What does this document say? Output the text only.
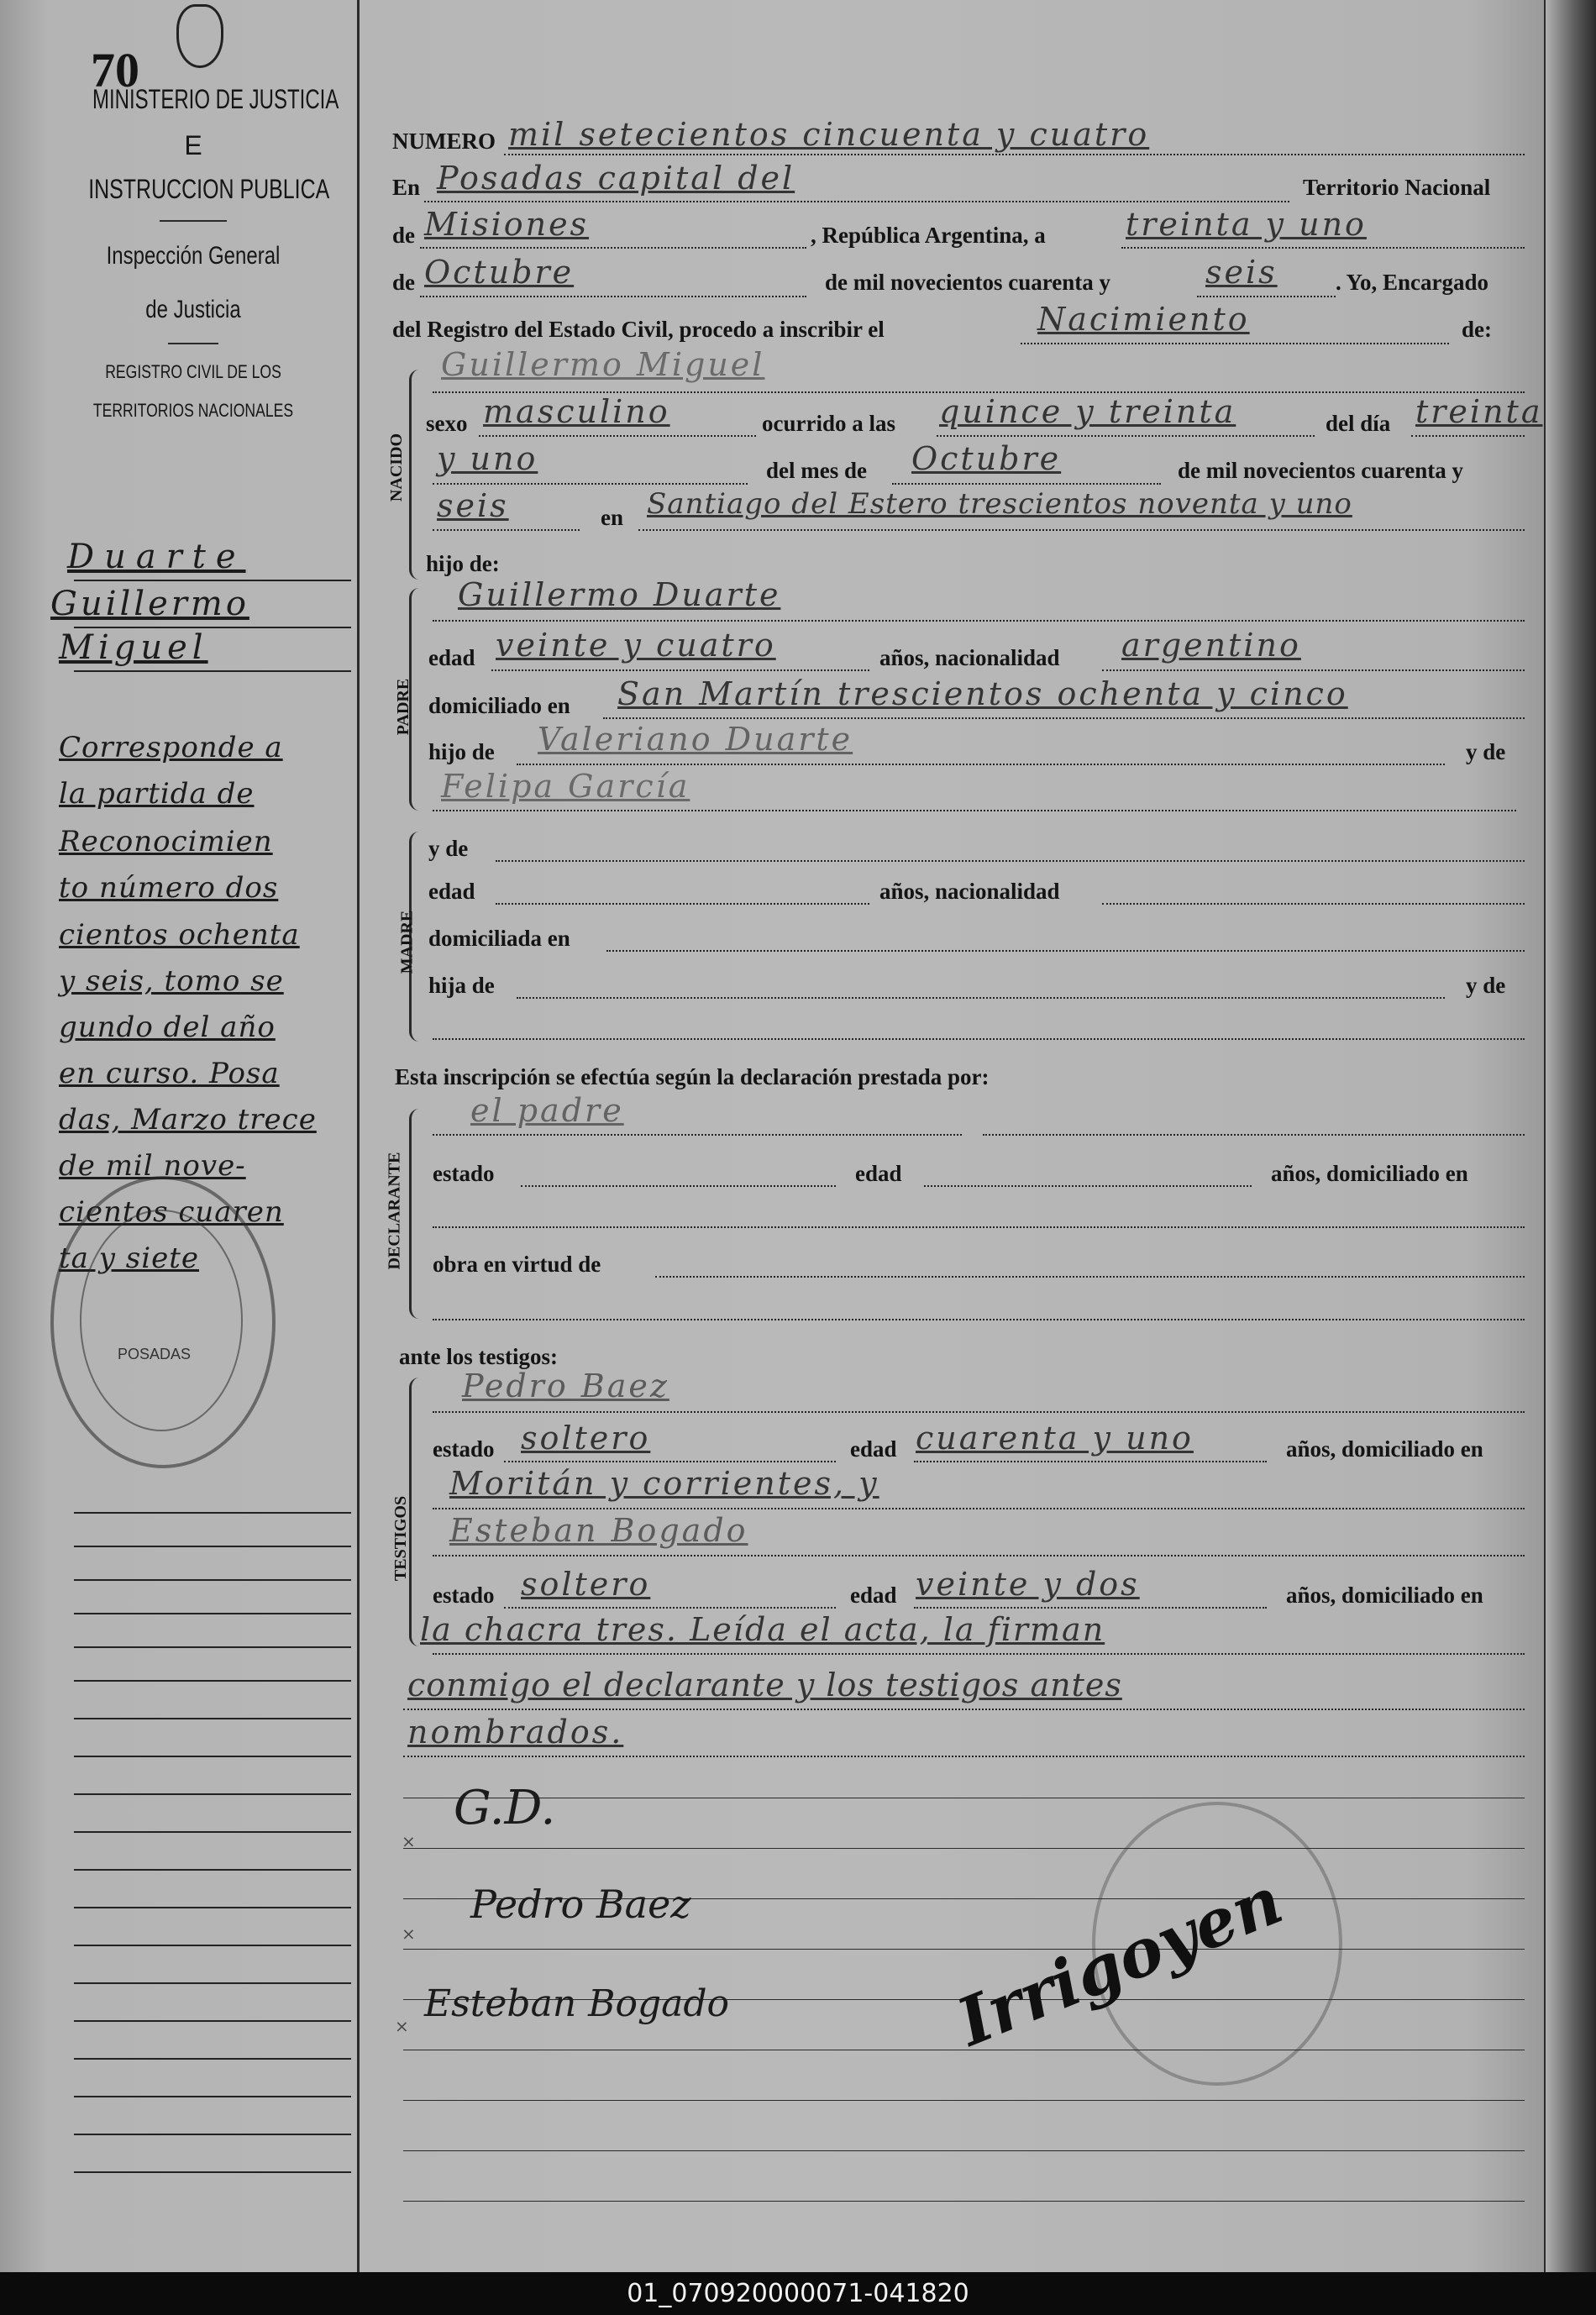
70
MINISTERIO DE JUSTICIA
E
INSTRUCCION PUBLICA
Inspección General
de Justicia
REGISTRO CIVIL DE LOS
TERRITORIOS NACIONALES
Duarte
Guillermo
Miguel
Corresponde a
la partida de
Reconocimien
to número dos
cientos ochenta
y seis, tomo se
gundo del año
en curso. Posa
das, Marzo trece
de mil nove-
cientos cuaren
ta y siete
POSADAS
NUMERO mil setecientos cincuenta y cuatro
En Posadas capital del	Territorio Nacional
de Misiones	, República Argentina, a	treinta y uno
de Octubre	de mil novecientos cuarenta y	seis	. Yo, Encargado
del Registro del Estado Civil, procedo a inscribir el	Nacimiento	de:
NACIDO
Guillermo Miguel
sexo masculino	ocurrido a las quince y treinta	del día treinta
y uno	del mes de Octubre	de mil novecientos cuarenta y
seis	en Santiago del Estero trescientos noventa y uno
hijo de:
PADRE
Guillermo Duarte
edad veinte y cuatro	años, nacionalidad argentino
domiciliado en San Martín trescientos ochenta y cinco
hijo de Valeriano Duarte	y de
Felipa García
MADRE
y de
edad	años, nacionalidad
domiciliada en
hija de	y de
Esta inscripción se efectúa según la declaración prestada por:
DECLARANTE
el padre
estado	edad	años, domiciliado en
obra en virtud de
ante los testigos:
TESTIGOS
Pedro Baez
estado soltero	edad cuarenta y uno	años, domiciliado en
Moritán y corrientes, y
Esteban Bogado
estado soltero	edad veinte y dos	años, domiciliado en
la chacra tres. Leída el acta, la firman
conmigo el declarante y los testigos antes
nombrados.
G.D.
Pedro Baez
Esteban Bogado	Irrigoyen
×
×
×
01_070920000071-041820
